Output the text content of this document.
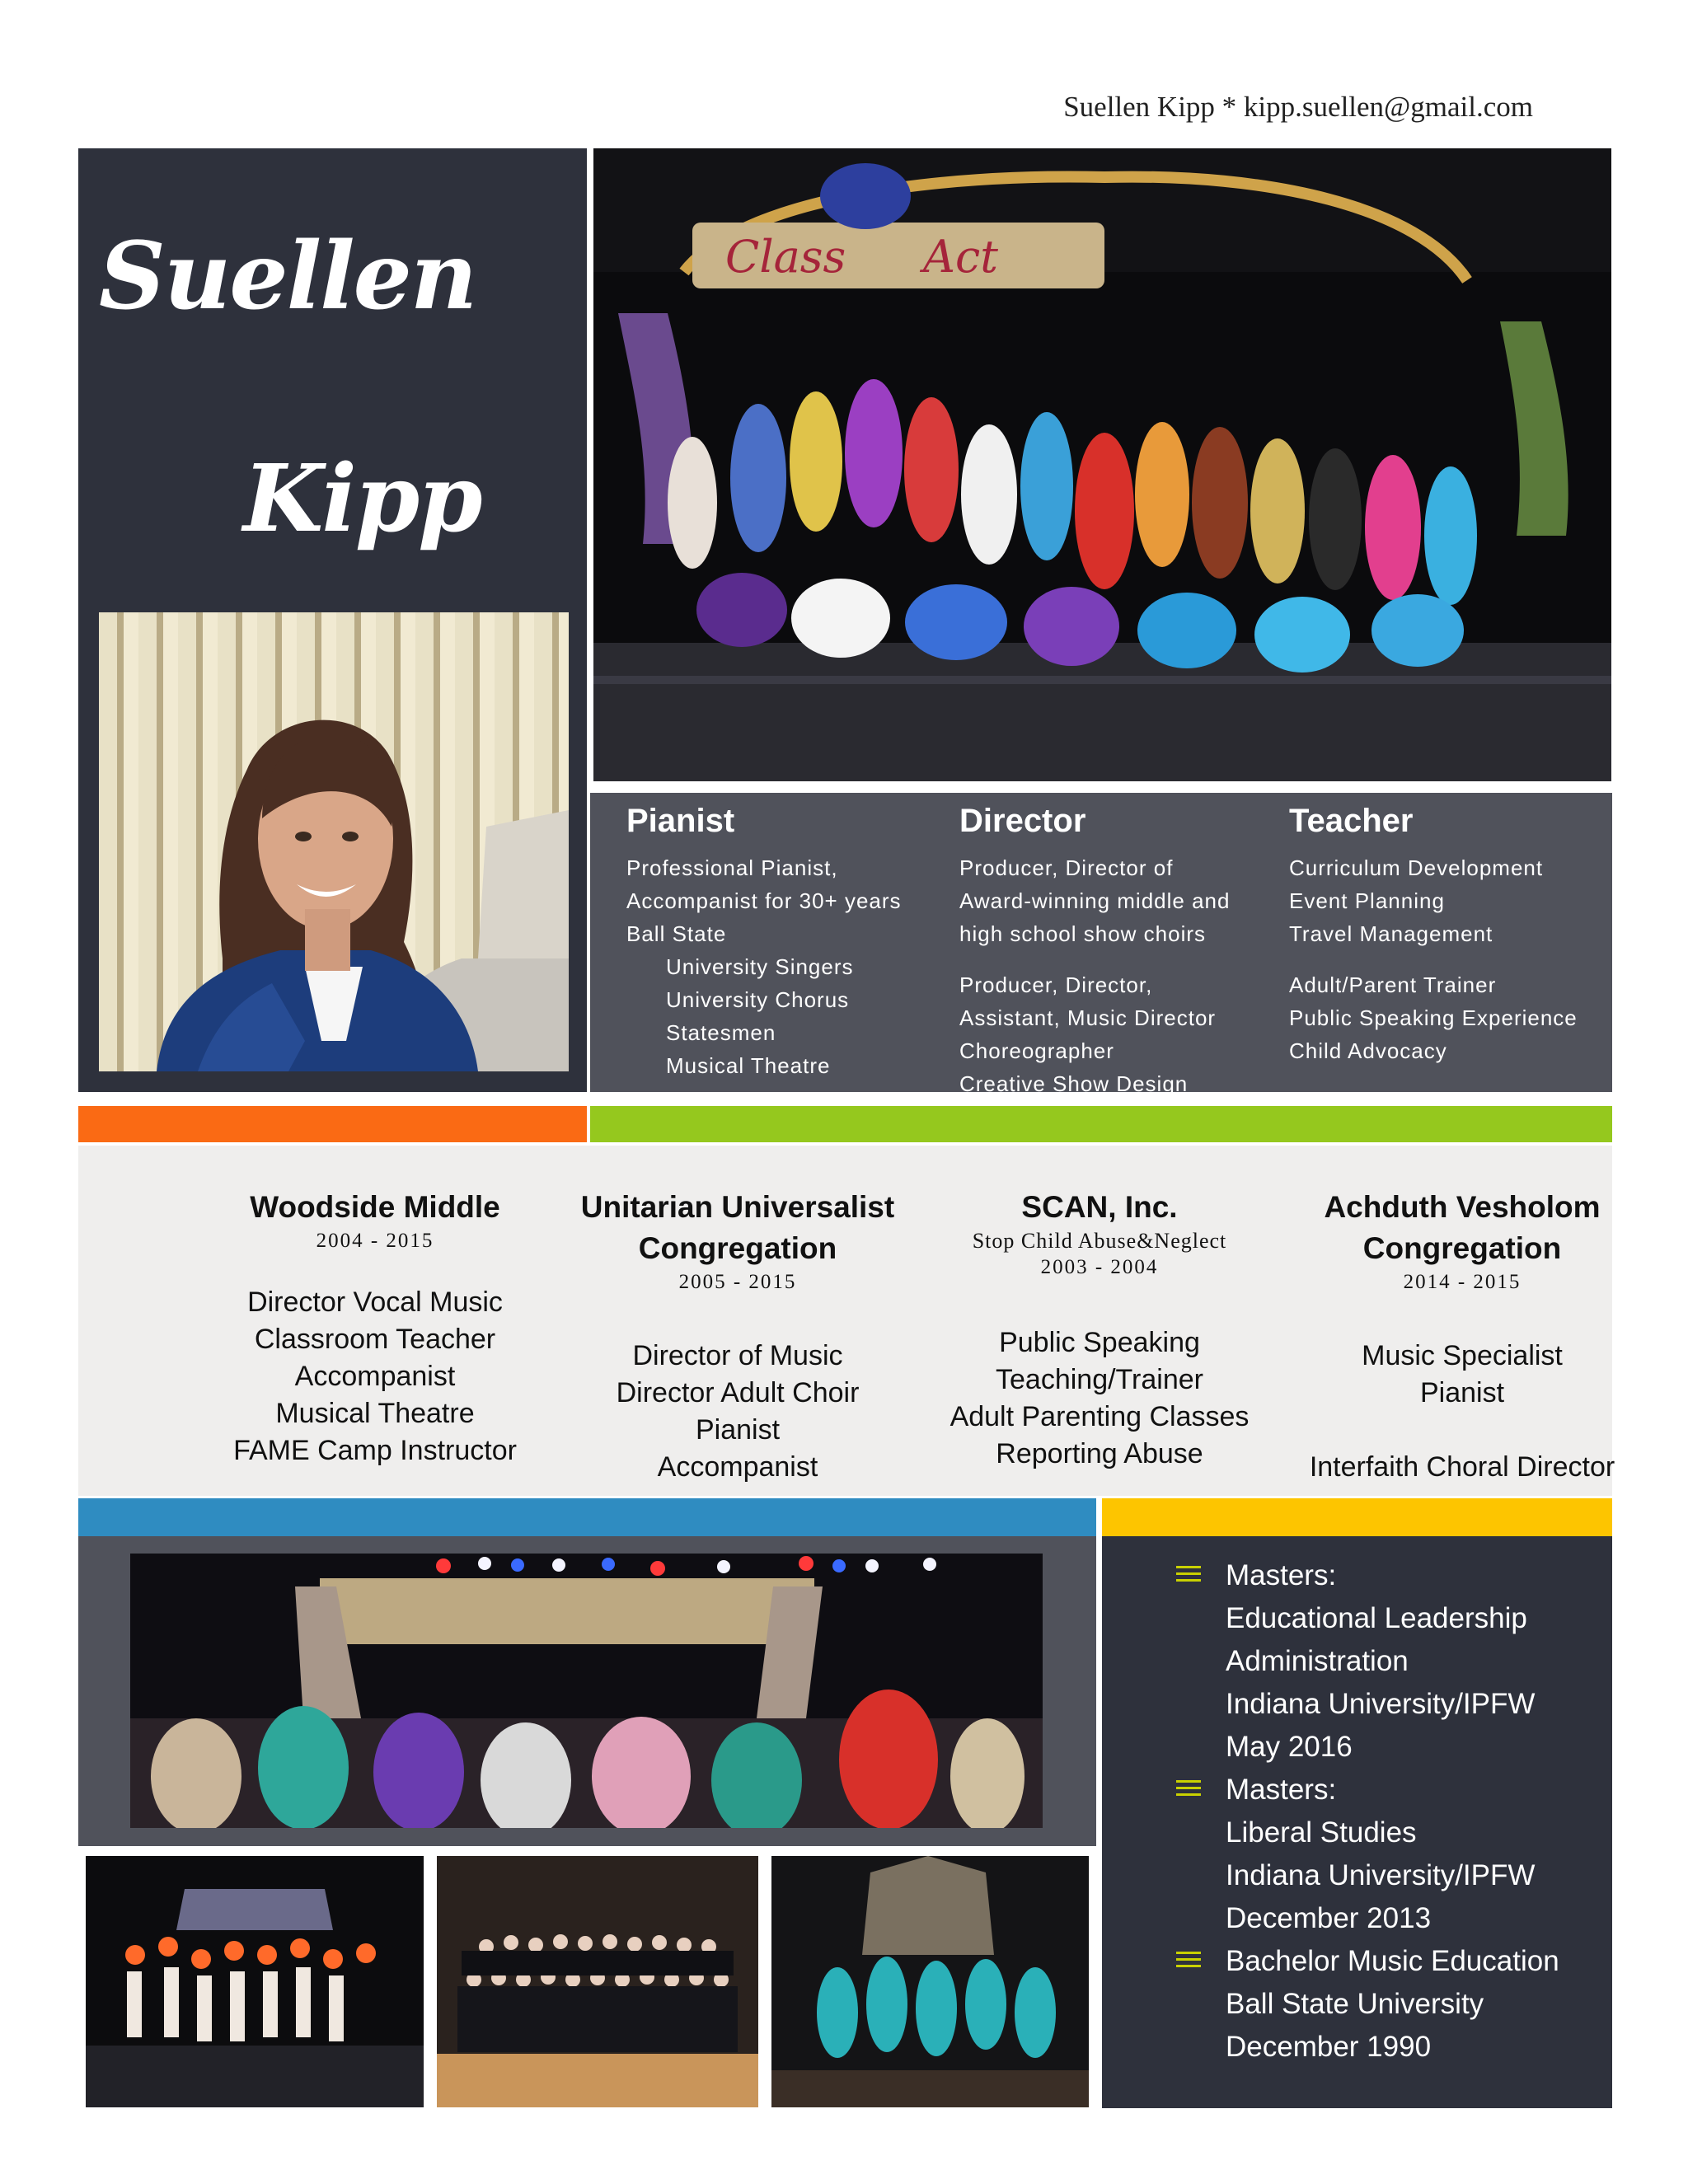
Suellen Kipp * kipp.suellen@gmail.com
Suellen
Kipp
Class Act
Pianist
Professional Pianist,
Accompanist for 30+ years
Ball State
University Singers
University Chorus
Statesmen
Musical Theatre
Director
Producer, Director of
Award-winning middle and
high school show choirs
Producer, Director,
Assistant, Music Director
Choreographer
Creative Show Design
Teacher
Curriculum Development
Event Planning
Travel Management
Adult/Parent Trainer
Public Speaking Experience
Child Advocacy
Woodside Middle
2004 - 2015
Director Vocal Music
Classroom Teacher
Accompanist
Musical Theatre
FAME Camp Instructor
Unitarian Universalist
Congregation
2005 - 2015
Director of Music
Director Adult Choir
Pianist
Accompanist
SCAN, Inc.
Stop Child Abuse&Neglect
2003 - 2004
Public Speaking
Teaching/Trainer
Adult Parenting Classes
Reporting Abuse
Achduth Vesholom
Congregation
2014 - 2015
Music Specialist
Pianist
Interfaith Choral Director
Masters:
Educational Leadership
Administration
Indiana University/IPFW
May 2016
Masters:
Liberal Studies
Indiana University/IPFW
December 2013
Bachelor Music Education
Ball State University
December 1990
